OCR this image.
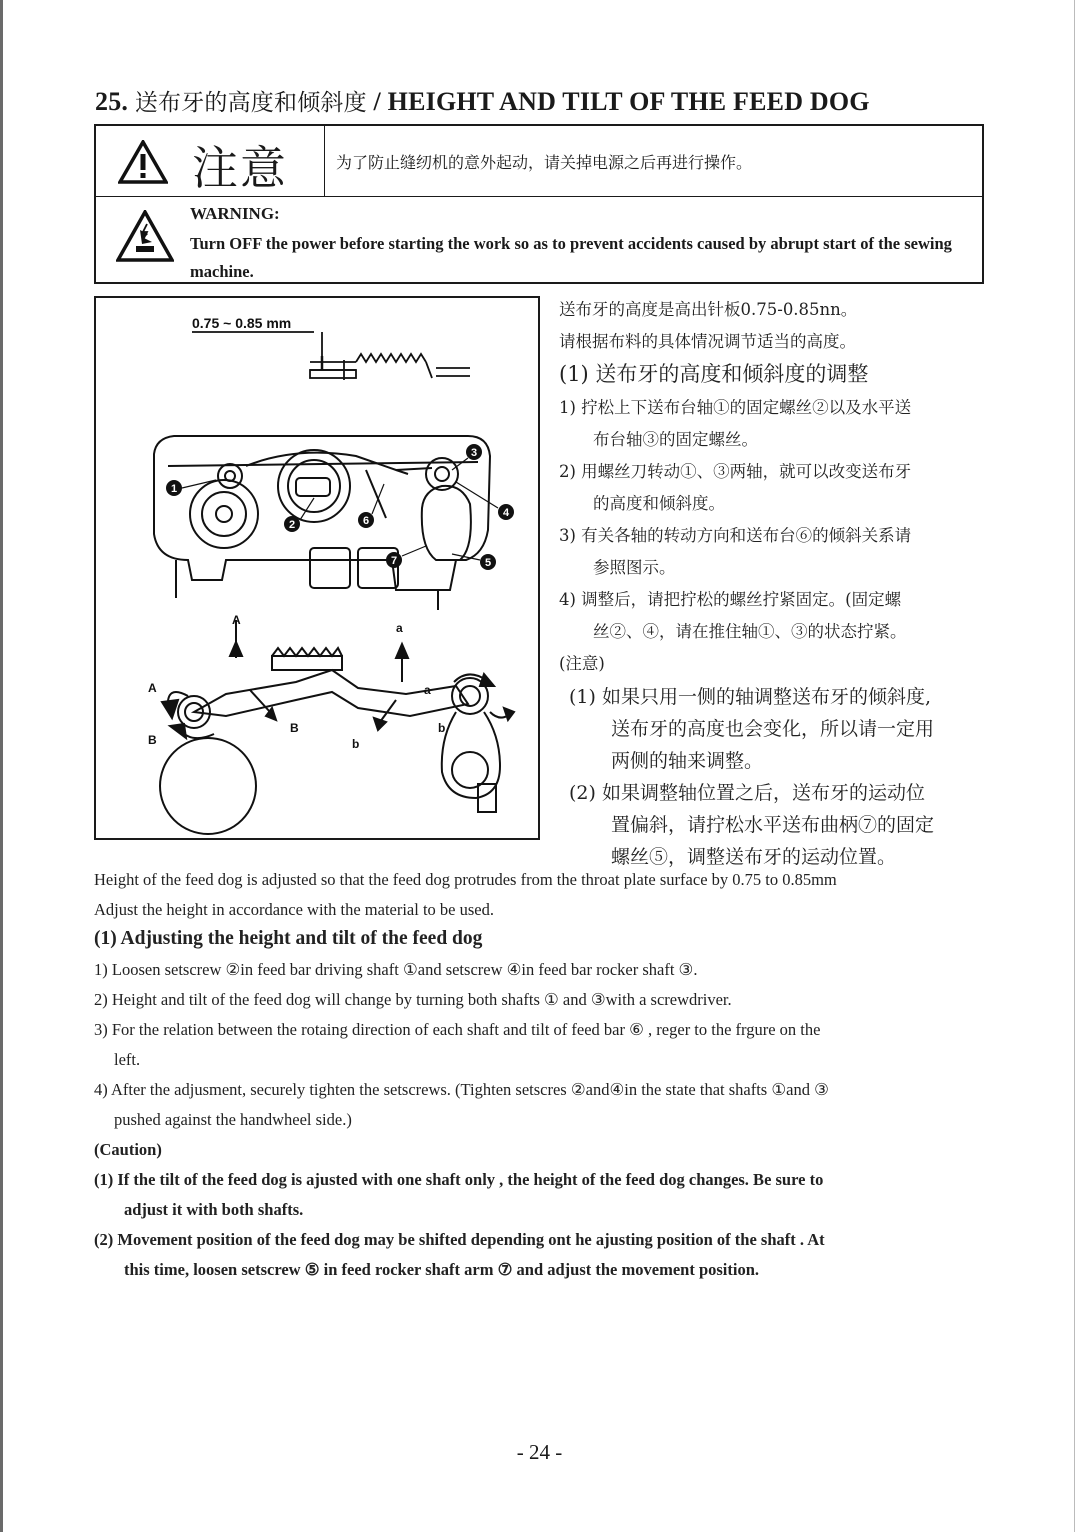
25. 送布牙的高度和倾斜度 / HEIGHT AND TILT OF THE FEED DOG
注意	为了防止缝纫机的意外起动，请关掉电源之后再进行操作。
WARNING:
Turn OFF the power before starting the work so as to prevent accidents caused by abrupt start of the sewing machine.
0.75 ~ 0.85 mm
1
2
3
4
5
6
7
A
a
A
B
B
b
a
b
送布牙的高度是高出针板0.75-0.85nn。
请根据布料的具体情况调节适当的高度。
(1) 送布牙的高度和倾斜度的调整
1) 拧松上下送布台轴①的固定螺丝②以及水平送
布台轴③的固定螺丝。
2) 用螺丝刀转动①、③两轴，就可以改变送布牙
的高度和倾斜度。
3) 有关各轴的转动方向和送布台⑥的倾斜关系请
参照图示。
4) 调整后，请把拧松的螺丝拧紧固定。(固定螺
丝②、④，请在推住轴①、③的状态拧紧。
(注意)
(1) 如果只用一侧的轴调整送布牙的倾斜度,
送布牙的高度也会变化，所以请一定用
两侧的轴来调整。
(2) 如果调整轴位置之后，送布牙的运动位
置偏斜，请拧松水平送布曲柄⑦的固定
螺丝⑤，调整送布牙的运动位置。
Height of the feed dog is adjusted so that the feed dog protrudes from the throat plate surface by 0.75 to 0.85mm
Adjust the height in accordance with the material to be used.
(1) Adjusting the height and tilt of the feed dog
1) Loosen setscrew ②in feed bar driving shaft ①and setscrew ④in feed bar rocker shaft ③.
2) Height and tilt of the feed dog will change by turning both shafts ① and ③with a screwdriver.
3) For the relation between the rotaing direction of each shaft and tilt of feed bar ⑥ , reger to the frgure on the
left.
4) After the adjusment, securely tighten the setscrews. (Tighten setscres ②and④in the state that shafts ①and ③
pushed against the handwheel side.)
(Caution)
(1) If the tilt of the feed dog is ajusted with one shaft only , the height of the feed dog changes. Be sure to
adjust it with both shafts.
(2) Movement position of the feed dog may be shifted depending ont he ajusting position of the shaft . At
this time, loosen setscrew ⑤ in feed rocker shaft arm ⑦ and adjust the movement position.
- 24 -
